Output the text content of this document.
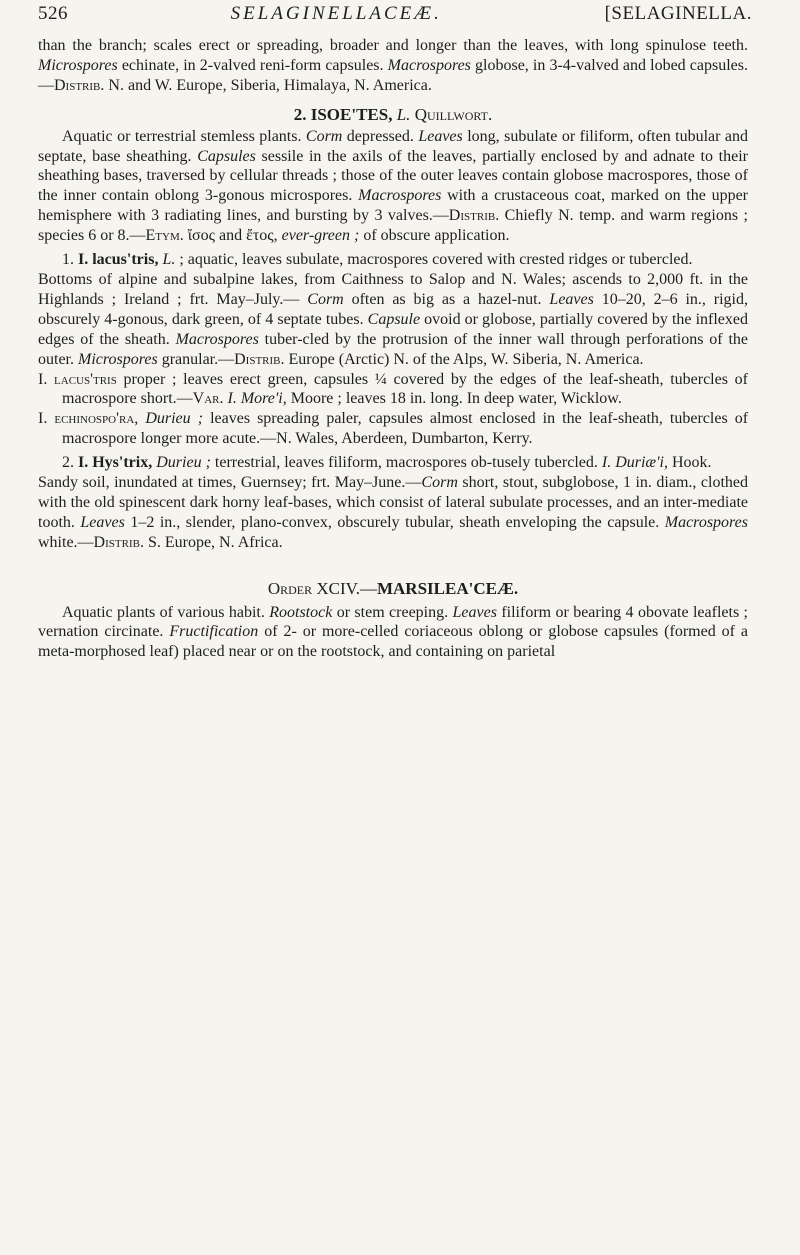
526	SELAGINELLACEÆ.	[SELAGINELLA.

than the branch; scales erect or spreading, broader and longer than the leaves, with long spinulose teeth. Microspores echinate, in 2-valved reni-form capsules. Macrospores globose, in 3-4-valved and lobed capsules.—Distrib. N. and W. Europe, Siberia, Himalaya, N. America.

2. ISOE'TES, L. Quillwort.

Aquatic or terrestrial stemless plants. Corm depressed. Leaves long, subulate or filiform, often tubular and septate, base sheathing. Capsules sessile in the axils of the leaves, partially enclosed by and adnate to their sheathing bases, traversed by cellular threads ; those of the outer leaves contain globose macrospores, those of the inner contain oblong 3-gonous microspores. Macrospores with a crustaceous coat, marked on the upper hemisphere with 3 radiating lines, and bursting by 3 valves.—Distrib. Chiefly N. temp. and warm regions ; species 6 or 8.—Etym. ἴσος and ἔτος, ever-green ; of obscure application.

1. I. lacus'tris, L. ; aquatic, leaves subulate, macrospores covered with crested ridges or tubercled.

Bottoms of alpine and subalpine lakes, from Caithness to Salop and N. Wales; ascends to 2,000 ft. in the Highlands ; Ireland ; frt. May–July.— Corm often as big as a hazel-nut. Leaves 10–20, 2–6 in., rigid, obscurely 4-gonous, dark green, of 4 septate tubes. Capsule ovoid or globose, partially covered by the inflexed edges of the sheath. Macrospores tuber-cled by the protrusion of the inner wall through perforations of the outer. Microspores granular.—Distrib. Europe (Arctic) N. of the Alps, W. Siberia, N. America.

I. lacus'tris proper ; leaves erect green, capsules ¼ covered by the edges of the leaf-sheath, tubercles of macrospore short.—Var. I. More'i, Moore ; leaves 18 in. long. In deep water, Wicklow.

I. echinospo'ra, Durieu ; leaves spreading paler, capsules almost enclosed in the leaf-sheath, tubercles of macrospore longer more acute.—N. Wales, Aberdeen, Dumbarton, Kerry.

2. I. Hys'trix, Durieu ; terrestrial, leaves filiform, macrospores ob-tusely tubercled. I. Duriæ'i, Hook.

Sandy soil, inundated at times, Guernsey; frt. May–June.—Corm short, stout, subglobose, 1 in. diam., clothed with the old spinescent dark horny leaf-bases, which consist of lateral subulate processes, and an inter-mediate tooth. Leaves 1–2 in., slender, plano-convex, obscurely tubular, sheath enveloping the capsule. Macrospores white.—Distrib. S. Europe, N. Africa.

Order XCIV.—MARSILEA'CEÆ.

Aquatic plants of various habit. Rootstock or stem creeping. Leaves filiform or bearing 4 obovate leaflets ; vernation circinate. Fructification of 2- or more-celled coriaceous oblong or globose capsules (formed of a meta-morphosed leaf) placed near or on the rootstock, and containing on parietal
